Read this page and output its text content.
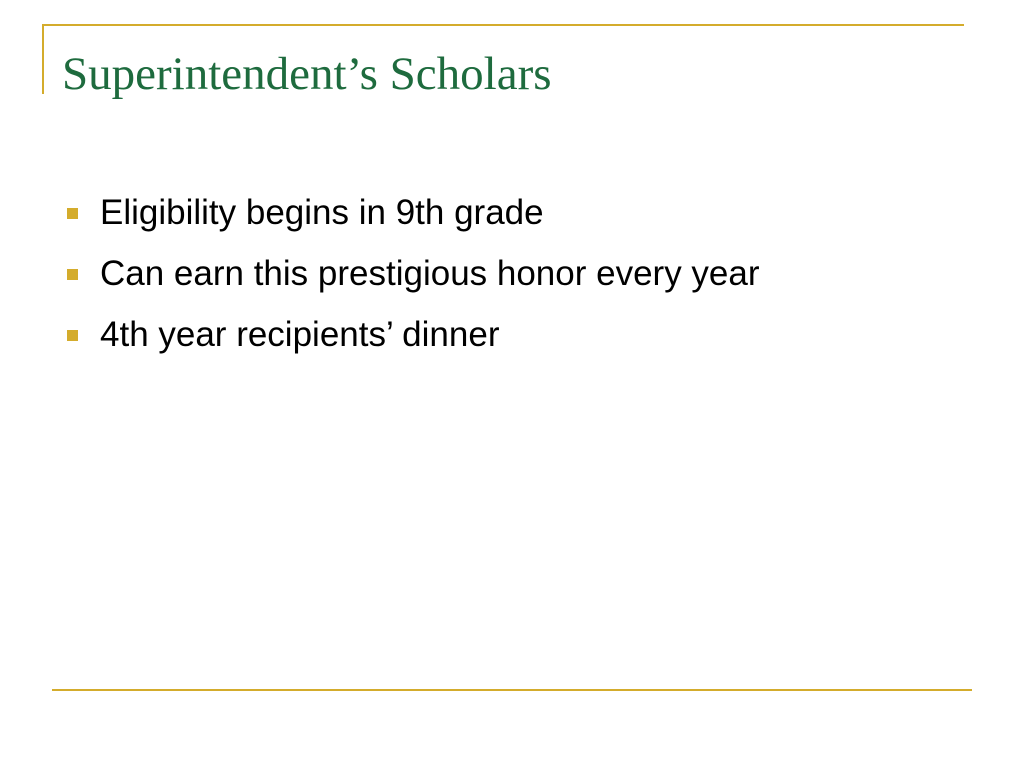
Superintendent’s Scholars
Eligibility begins in 9th grade
Can earn this prestigious honor every year
4th year recipients’ dinner
